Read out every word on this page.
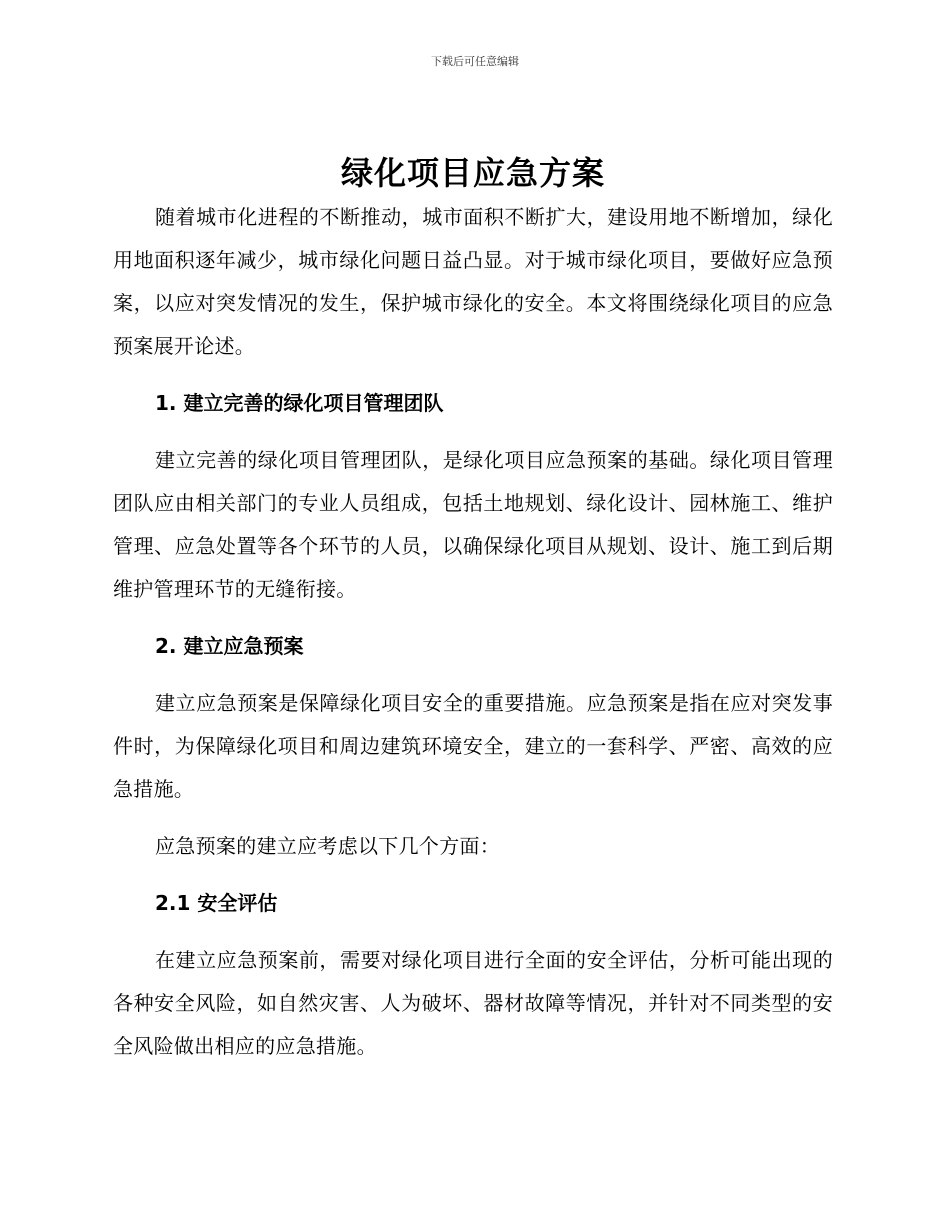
下载后可任意编辑
绿化项目应急方案

随着城市化进程的不断推动，城市面积不断扩大，建设用地不断增加，绿化用地面积逐年减少，城市绿化问题日益凸显。对于城市绿化项目，要做好应急预案，以应对突发情况的发生，保护城市绿化的安全。本文将围绕绿化项目的应急预案展开论述。

1. 建立完善的绿化项目管理团队

建立完善的绿化项目管理团队，是绿化项目应急预案的基础。绿化项目管理团队应由相关部门的专业人员组成，包括土地规划、绿化设计、园林施工、维护管理、应急处置等各个环节的人员，以确保绿化项目从规划、设计、施工到后期维护管理环节的无缝衔接。

2. 建立应急预案

建立应急预案是保障绿化项目安全的重要措施。应急预案是指在应对突发事件时，为保障绿化项目和周边建筑环境安全，建立的一套科学、严密、高效的应急措施。

应急预案的建立应考虑以下几个方面：

2.1 安全评估

在建立应急预案前，需要对绿化项目进行全面的安全评估，分析可能出现的各种安全风险，如自然灾害、人为破坏、器材故障等情况，并针对不同类型的安全风险做出相应的应急措施。
